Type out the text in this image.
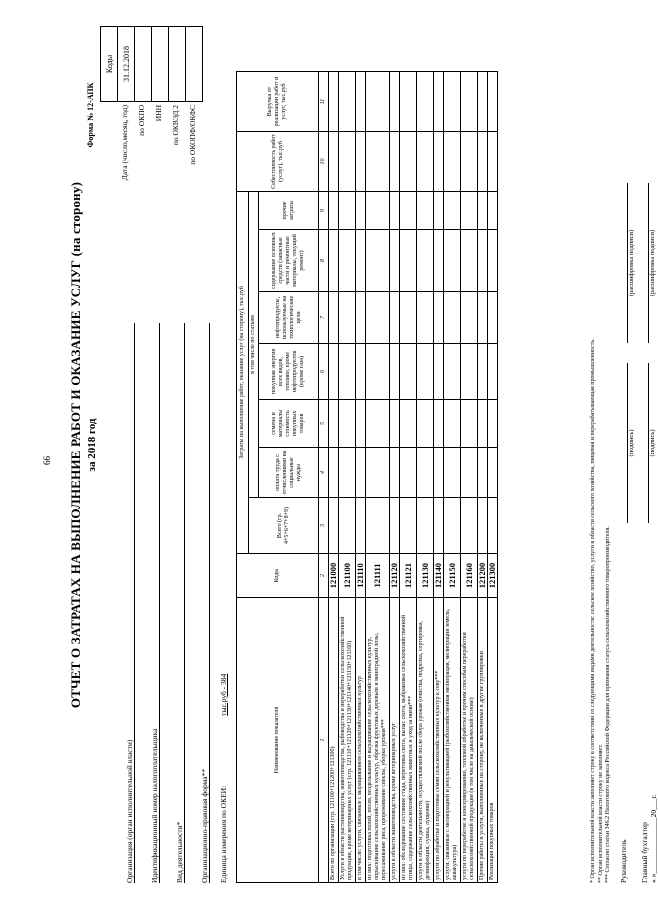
66 ОТЧЕТ О ЗАТРАТАХ НА ВЫПОЛНЕНИЕ РАБОТ И ОКАЗАНИЕ УСЛУГ (на сторону) за 2018 год
Организация (орган исполнительной власти) Идентификационный номер налогоплательщика Вид деятельности* Организационно-правовая форма** Единица измерения по ОКЕИ:
тыс.руб - 384
Форма № 12-АПК
	Дата (число,месяц, год)	по ОКПО	ИНН	по ОКВЭД 2	по ОКОПФ/ОКФС
Коды
31.12.2018

Наименование показателя	Коды	Затраты на выполнение работ, оказание услуг (на сторону), тыс.руб							Себестоимость работ (услуг), тыс.руб	Выручка от реализации работ и услуг, тыс.руб
		Всего (гр. 4+5+6+7+8+9)	в том числе по статьям							
			оплата труда с отчислениями на социальные нужды	семена и материалы стоимость покупных товаров	покупная энергия всех видов, топливо, кроме нефтепродуктов (кроме газа)	нефтепродукты, используемые на технологические цели	содержание основных средств (запасные части и ремонтные материалы, текущий ремонт)	прочие затраты		
1	2	3	4	5	6	7	8	9	10	11
Всего по организации (стр. 121100+121200+121300)	121000									
Услуги в области растениеводства, животноводства, рыбоводства и переработки сельскохозяйственной продукции, кроме ветеринарных услуг (стр. 121110+121120+121130+121140+121150+121160)	121100									
в том числе: услуги, связанные с выращиванием сельскохозяйственных культур	121110									
из них: подготовка полей, посев, возделывание и выращивание сельскохозяйственных культур, опрыскивание сельскохозяйственных культур, обрезка фруктовых деревьев и виноградной лозы, пересаживание риса, прореживание свеклы, уборка урожая***	121111									
услуги в области животноводства, кроме ветеринарных услуг	121120									
из них: обследование состояния стада, перегонка скота, выпас скота, выбраковка сельскохозяйственной птицы, содержание сельскохозяйственных животных и уход за ними***	121121									
услуги в области деятельности, осуществляемой после сбора урожая (очистка, подрезка, сортировка, дезинфекция, сушка, лущение)	121130									
услуги по обработке и подготовке семян сельскохозяйственных культур к севу***	121140									
услуги, связанные с мелиорацией и рекультивацией (рыбохозяйственная мелиорация, мелиорация земель, аквакультура)	121150									
услуги по переработке и консервированию, тепловой обработке и прочим способам переработки сельскохозяйственной продукции (в том числе на давальческой основе)	121160									
Прочие работы и услуги, выполненные на сторону, не включенные в другие группировки	121200									
Реализация покупных товаров	121300										* Орган исполнительной власти заполняет строку в соответствии со следующими видами деятельности: сельское хозяйство, услуги в области сельского хозяйства, пищевая и перерабатывающая промышленность. ** Орган исполнительной власти строку не заполняет. *** Согласно статьи 346.2 Налогового кодекса Российской Федерации для признания статуса сельскохозяйственного товаропроизводителя. Руководитель
(подпись)
(расшифровка подписи)
Главный бухгалтер « »_______________20___г.
(подпись)
(расшифровка подписи)
